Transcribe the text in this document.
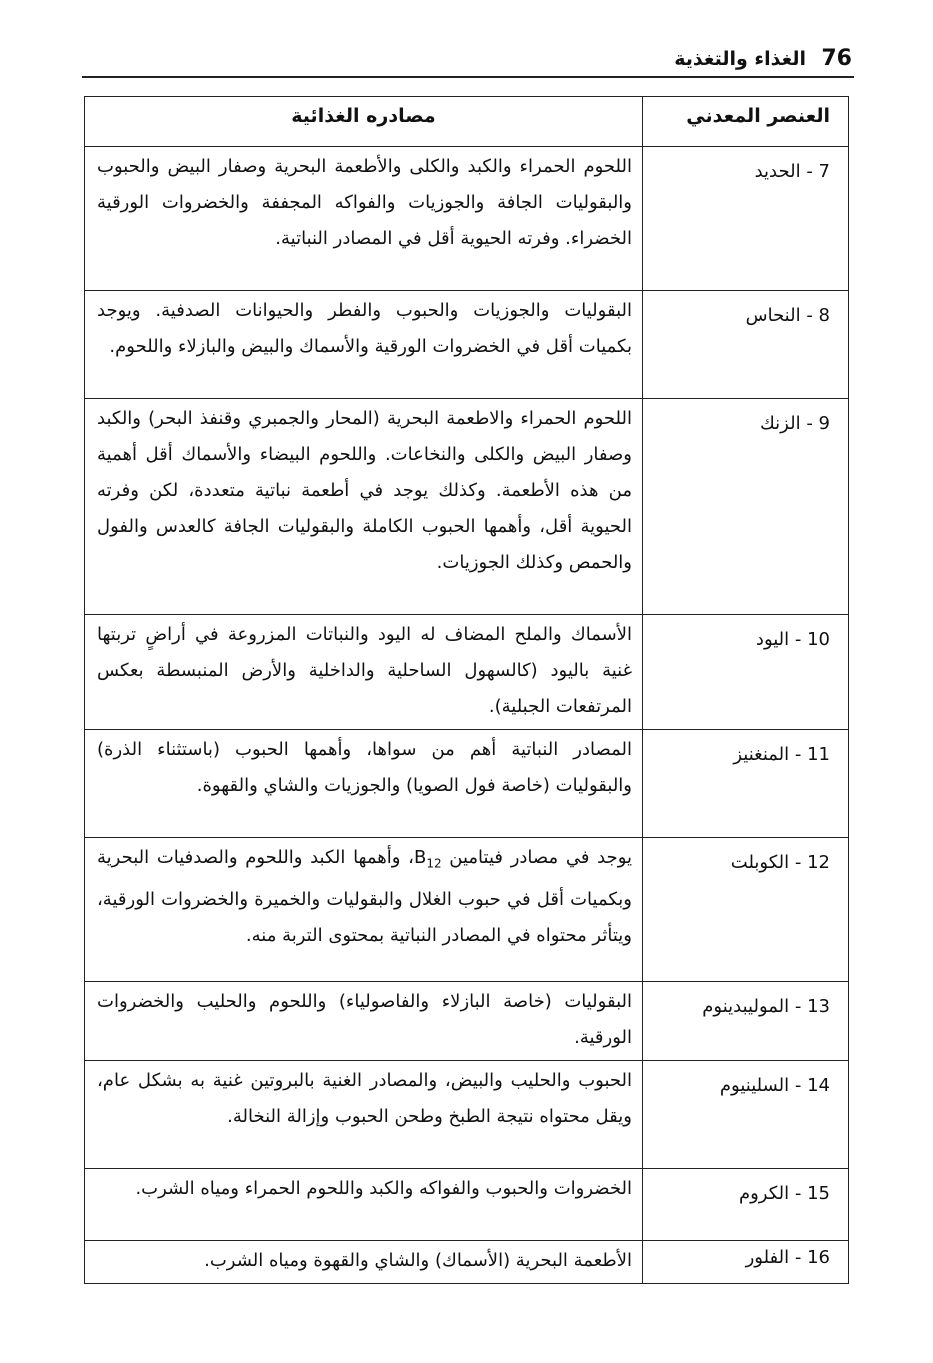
76
الغذاء والتغذية
العنصر المعدني	مصادره الغذائية
7 - الحديد	اللحوم الحمراء والكبد والكلى والأطعمة البحرية وصفار البيض والحبوب والبقوليات الجافة والجوزيات والفواكه المجففة والخضروات الورقية الخضراء. وفرته الحيوية أقل في المصادر النباتية.
8 - النحاس	البقوليات والجوزيات والحبوب والفطر والحيوانات الصدفية. ويوجد بكميات أقل في الخضروات الورقية والأسماك والبيض والبازلاء واللحوم.
9 - الزنك	اللحوم الحمراء والاطعمة البحرية (المحار والجمبري وقنفذ البحر) والكبد وصفار البيض والكلى والنخاعات. واللحوم البيضاء والأسماك أقل أهمية من هذه الأطعمة. وكذلك يوجد في أطعمة نباتية متعددة، لكن وفرته الحيوية أقل، وأهمها الحبوب الكاملة والبقوليات الجافة كالعدس والفول والحمص وكذلك الجوزيات.
10 - اليود	الأسماك والملح المضاف له اليود والنباتات المزروعة في أراضٍ تربتها غنية باليود (كالسهول الساحلية والداخلية والأرض المنبسطة بعكس المرتفعات الجبلية).
11 - المنغنيز	المصادر النباتية أهم من سواها، وأهمها الحبوب (باستثناء الذرة) والبقوليات (خاصة فول الصويا) والجوزيات والشاي والقهوة.
12 - الكوبلت	يوجد في مصادر فيتامين $B_{12}،$ وأهمها الكبد واللحوم والصدفيات البحرية وبكميات أقل في حبوب الغلال والبقوليات والخميرة والخضروات الورقية، ويتأثر محتواه في المصادر النباتية بمحتوى التربة منه.
13 - الموليبدينوم	البقوليات (خاصة البازلاء والفاصولياء) واللحوم والحليب والخضروات الورقية.
14 - السلينيوم	الحبوب والحليب والبيض، والمصادر الغنية بالبروتين غنية به بشكل عام، ويقل محتواه نتيجة الطبخ وطحن الحبوب وإزالة النخالة.
15 - الكروم	الخضروات والحبوب والفواكه والكبد واللحوم الحمراء ومياه الشرب.
16 - الفلور	الأطعمة البحرية (الأسماك) والشاي والقهوة ومياه الشرب.
